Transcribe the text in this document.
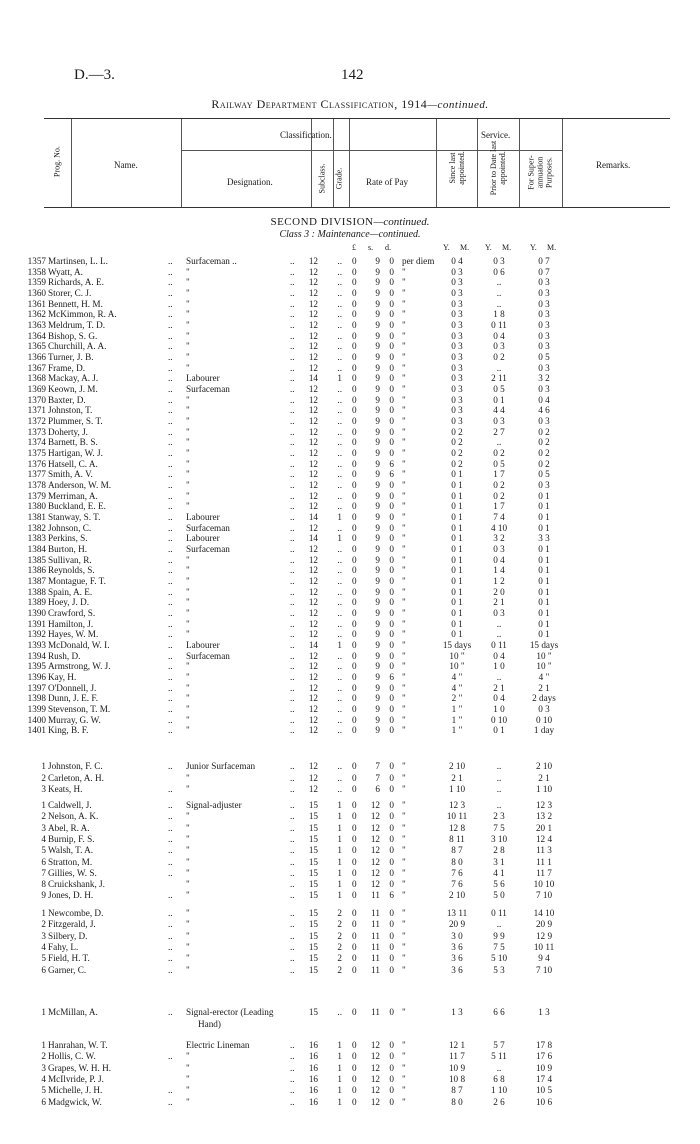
D.—3.	142
Railway Department Classification, 1914—continued.
Classification.	Service.
Prog. No.	Name.
Designation.	Subclass. Grade.	Rate of Pay	Since last appointed.	Prior to Date last appointed. For Super-annuation Purposes.	Remarks.
SECOND DIVISION—continued.
Class 3 : Maintenance—continued.
£ s. d.	Y. M. Y. M. Y. M.
1357 Martinsen, L. L.	.. Surfaceman ..	..	12	.. 0	9	0 per diem	0 4	0 3	0 7
1358 Wyatt, A.	.. "	..	12	.. 0	9	0 "	0 3	0 6	0 7
1359 Richards, A. E.	.. "	..	12	.. 0	9	0 "	0 3	..	0 3
1360 Storer, C. J.	.. "	..	12	.. 0	9	0 "	0 3	..	0 3
1361 Bennett, H. M.	.. "	..	12	.. 0	9	0 "	0 3	..	0 3
1362 McKimmon, R. A.	.. "	..	12	.. 0	9	0 "	0 3	1 8	0 3
1363 Meldrum, T. D.	.. "	..	12	.. 0	9	0 "	0 3	0 11	0 3
1364 Bishop, S. G.	.. "	..	12	.. 0	9	0 "	0 3	0 4	0 3
1365 Churchill, A. A.	.. "	..	12	.. 0	9	0 "	0 3	0 3	0 3
1366 Turner, J. B.	.. "	..	12	.. 0	9	0 "	0 3	0 2	0 5
1367 Frame, D.	.. "	..	12	.. 0	9	0 "	0 3	..	0 3
1368 Mackay, A. J.	.. Labourer	..	14	1 0	9	0 "	0 3	2 11	3 2
1369 Keown, J. M.	.. Surfaceman	..	12	.. 0	9	0 "	0 3	0 5	0 3
1370 Baxter, D.	.. "	..	12	.. 0	9	0 "	0 3	0 1	0 4
1371 Johnston, T.	.. "	..	12	.. 0	9	0 "	0 3	4 4	4 6
1372 Plummer, S. T.	.. "	..	12	.. 0	9	0 "	0 3	0 3	0 3
1373 Doherty, J.	.. "	..	12	.. 0	9	0 "	0 2	2 7	0 2
1374 Barnett, B. S.	.. "	..	12	.. 0	9	0 "	0 2	..	0 2
1375 Hartigan, W. J.	.. "	..	12	.. 0	9	0 "	0 2	0 2	0 2
1376 Hatsell, C. A.	.. "	..	12	.. 0	9	6 "	0 2	0 5	0 2
1377 Smith, A. V.	.. "	..	12	.. 0	9	6 "	0 1	1 7	0 5
1378 Anderson, W. M.	.. "	..	12	.. 0	9	0 "	0 1	0 2	0 3
1379 Merriman, A.	.. "	..	12	.. 0	9	0 "	0 1	0 2	0 1
1380 Buckland, E. E.	.. "	..	12	.. 0	9	0 "	0 1	1 7	0 1
1381 Stanway, S. T.	.. Labourer	..	14	1 0	9	0 "	0 1	7 4	0 1
1382 Johnson, C.	.. Surfaceman	..	12	.. 0	9	0 "	0 1	4 10	0 1
1383 Perkins, S.	.. Labourer	..	14	1 0	9	0 "	0 1	3 2	3 3
1384 Burton, H.	.. Surfaceman	..	12	.. 0	9	0 "	0 1	0 3	0 1
1385 Sullivan, R.	.. "	..	12	.. 0	9	0 "	0 1	0 4	0 1
1386 Reynolds, S.	.. "	..	12	.. 0	9	0 "	0 1	1 4	0 1
1387 Montague, F. T.	.. "	..	12	.. 0	9	0 "	0 1	1 2	0 1
1388 Spain, A. E.	.. "	..	12	.. 0	9	0 "	0 1	2 0	0 1
1389 Hoey, J. D.	.. "	..	12	.. 0	9	0 "	0 1	2 1	0 1
1390 Crawford, S.	.. "	..	12	.. 0	9	0 "	0 1	0 3	0 1
1391 Hamilton, J.	.. "	..	12	.. 0	9	0 "	0 1	..	0 1
1392 Hayes, W. M.	.. "	..	12	.. 0	9	0 "	0 1	..	0 1
1393 McDonald, W. I.	.. Labourer	..	14	1 0	9	0 "	15 days	0 11	15 days
1394 Rush, D.	.. Surfaceman	..	12	.. 0	9	0 "	10 "	0 4	10 "
1395 Armstrong, W. J.	.. "	..	12	.. 0	9	0 "	10 "	1 0	10 "
1396 Kay, H.	.. "	..	12	.. 0	9	6 "	4 "	..	4 "
1397 O'Donnell, J.	.. "	..	12	.. 0	9	0 "	4 "	2 1	2 1
1398 Dunn, J. E. F.	.. "	..	12	.. 0	9	0 "	2 "	0 4	2 days
1399 Stevenson, T. M.	.. "	..	12	.. 0	9	0 "	1 "	1 0	0 3
1400 Murray, G. W.	.. "	..	12	.. 0	9	0 "	1 "	0 10	0 10
1401 King, B. F.	.. "	..	12	.. 0	9	0 "	1 "	0 1	1 day
1 Johnston, F. C.	.. Junior Surfaceman	..	12	.. 0	7	0 "	2 10	..	2 10
2 Carleton, A. H.	"	..	12	.. 0	7	0 "	2 1	..	2 1
3 Keats, H.	.. "	..	12	.. 0	6	0 "	1 10	..	1 10
1 Caldwell, J.	.. Signal-adjuster	..	15	1 0	12	0 "	12 3	..	12 3
2 Nelson, A. K.	.. "	..	15	1 0	12	0 "	10 11	2 3	13 2
3 Abel, R. A.	.. "	..	15	1 0	12	0 "	12 8	7 5	20 1
4 Burnip, F. S.	.. "	..	15	1 0	12	0 "	8 11	3 10	12 4
5 Walsh, T. A.	.. "	..	15	1 0	12	0 "	8 7	2 8	11 3
6 Stratton, M.	.. "	..	15	1 0	12	0 "	8 0	3 1	11 1
7 Gillies, W. S.	.. "	..	15	1 0	12	0 "	7 6	4 1	11 7
8 Cruickshank, J.	"	..	15	1 0	12	0 "	7 6	5 6	10 10
9 Jones, D. H.	.. "	..	15	1 0	11	6 "	2 10	5 0	7 10
1 Newcombe, D.	.. "	..	15	2 0	11	0 "	13 11	0 11	14 10
2 Fitzgerald, J.	.. "	..	15	2 0	11	0 "	20 9	..	20 9
3 Silbery, D.	.. "	..	15	2 0	11	0 "	3 0	9 9	12 9
4 Fahy, L.	.. "	..	15	2 0	11	0 "	3 6	7 5	10 11
5 Field, H. T.	.. "	..	15	2 0	11	0 "	3 6	5 10	9 4
6 Garner, C.	.. "	..	15	2 0	11	0 "	3 6	5 3	7 10
1 McMillan, A.	.. Signal-erector (Leading	15	.. 0	11	0 "	1 3	6 6	1 3
Hand)
1 Hanrahan, W. T.	Electric Lineman	..	16	1 0	12	0 "	12 1	5 7	17 8
2 Hollis, C. W.	.. "	..	16	1 0	12	0 "	11 7	5 11	17 6
3 Grapes, W. H. H.	"	..	16	1 0	12	0 "	10 9	..	10 9
4 McIlvride, P. J.	"	..	16	1 0	12	0 "	10 8	6 8	17 4
5 Michelle, J. H.	.. "	..	16	1 0	12	0 "	8 7	1 10	10 5
6 Madgwick, W.	.. "	..	16	1 0	12	0 "	8 0	2 6	10 6
